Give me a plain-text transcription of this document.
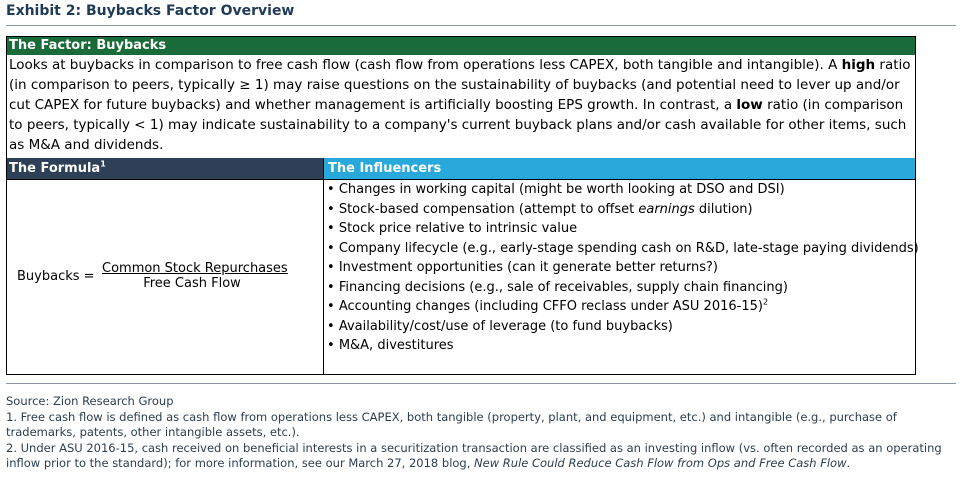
Exhibit 2: Buybacks Factor Overview
The Factor: Buybacks
Looks at buybacks in comparison to free cash flow (cash flow from operations less CAPEX, both tangible and intangible). A high ratio (in comparison to peers, typically ≥ 1) may raise questions on the sustainability of buybacks (and potential need to lever up and/or cut CAPEX for future buybacks) and whether management is artificially boosting EPS growth. In contrast, a low ratio (in comparison to peers, typically < 1) may indicate sustainability to a company's current buyback plans and/or cash available for other items, such as M&A and dividends.
The Formula$^1$	The Influencers
Buybacks =
Common Stock Repurchases
Free Cash Flow
• Changes in working capital (might be worth looking at DSO and DSI)
• Stock-based compensation (attempt to offset earnings dilution)
• Stock price relative to intrinsic value
• Company lifecycle (e.g., early-stage spending cash on R&D, late-stage paying dividends)
• Investment opportunities (can it generate better returns?)
• Financing decisions (e.g., sale of receivables, supply chain financing)
• Accounting changes (including CFFO reclass under ASU 2016-15)$^2$
• Availability/cost/use of leverage (to fund buybacks)
• M&A, divestitures
Source: Zion Research Group
1. Free cash flow is defined as cash flow from operations less CAPEX, both tangible (property, plant, and equipment, etc.) and intangible (e.g., purchase of trademarks, patents, other intangible assets, etc.).
2. Under ASU 2016-15, cash received on beneficial interests in a securitization transaction are classified as an investing inflow (vs. often recorded as an operating inflow prior to the standard); for more information, see our March 27, 2018 blog, New Rule Could Reduce Cash Flow from Ops and Free Cash Flow.
